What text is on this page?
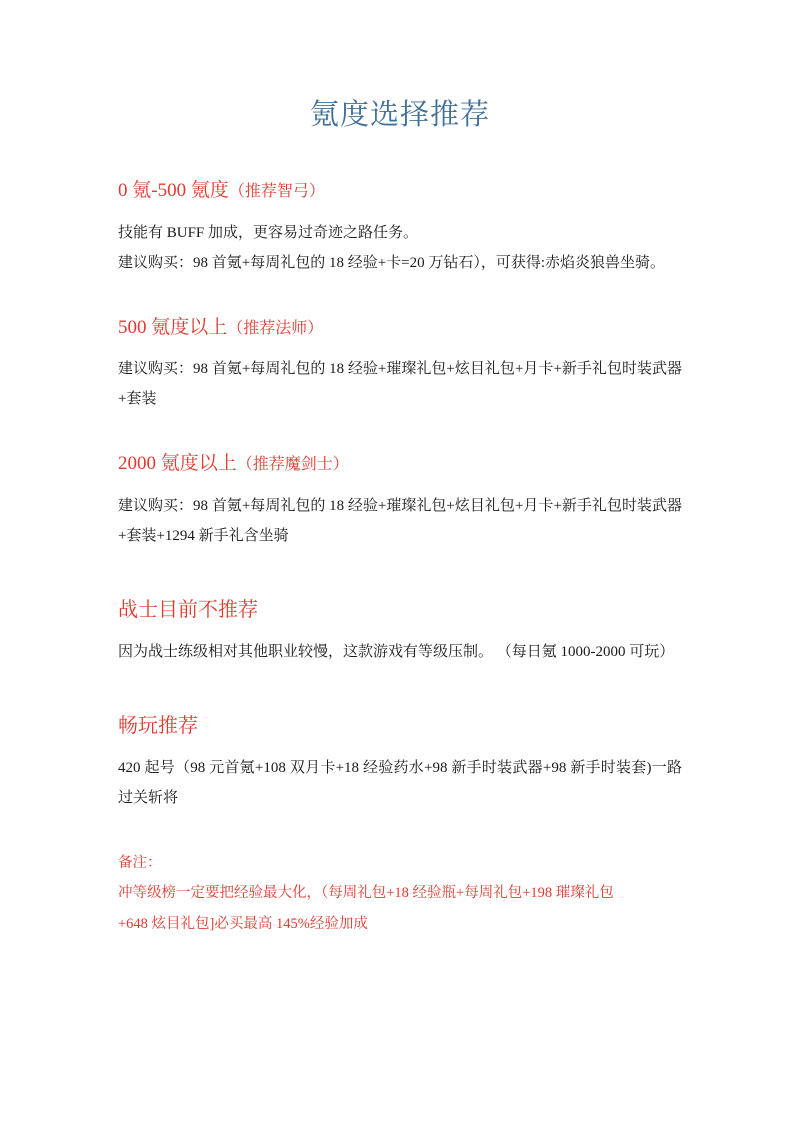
氪度选择推荐
0 氪-500 氪度（推荐智弓）

技能有 BUFF 加成，更容易过奇迹之路任务。

建议购买：98 首氪+每周礼包的 18 经验+卡=20 万钻石），可获得:赤焰炎狼兽坐骑。

500 氪度以上（推荐法师）

建议购买：98 首氪+每周礼包的 18 经验+璀璨礼包+炫目礼包+月卡+新手礼包时装武器+套装

2000 氪度以上（推荐魔剑士）

建议购买：98 首氪+每周礼包的 18 经验+璀璨礼包+炫目礼包+月卡+新手礼包时装武器+套装+1294 新手礼含坐骑

战士目前不推荐

因为战士练级相对其他职业较慢，这款游戏有等级压制。 （每日氪 1000-2000 可玩）

畅玩推荐

420 起号（98 元首氪+108 双月卡+18 经验药水+98 新手时装武器+98 新手时装套)一路过关斩将

备注：

冲等级榜一定要把经验最大化，（每周礼包+18 经验瓶+每周礼包+198 璀璨礼包

+648 炫目礼包]必买最高 145%经验加成
